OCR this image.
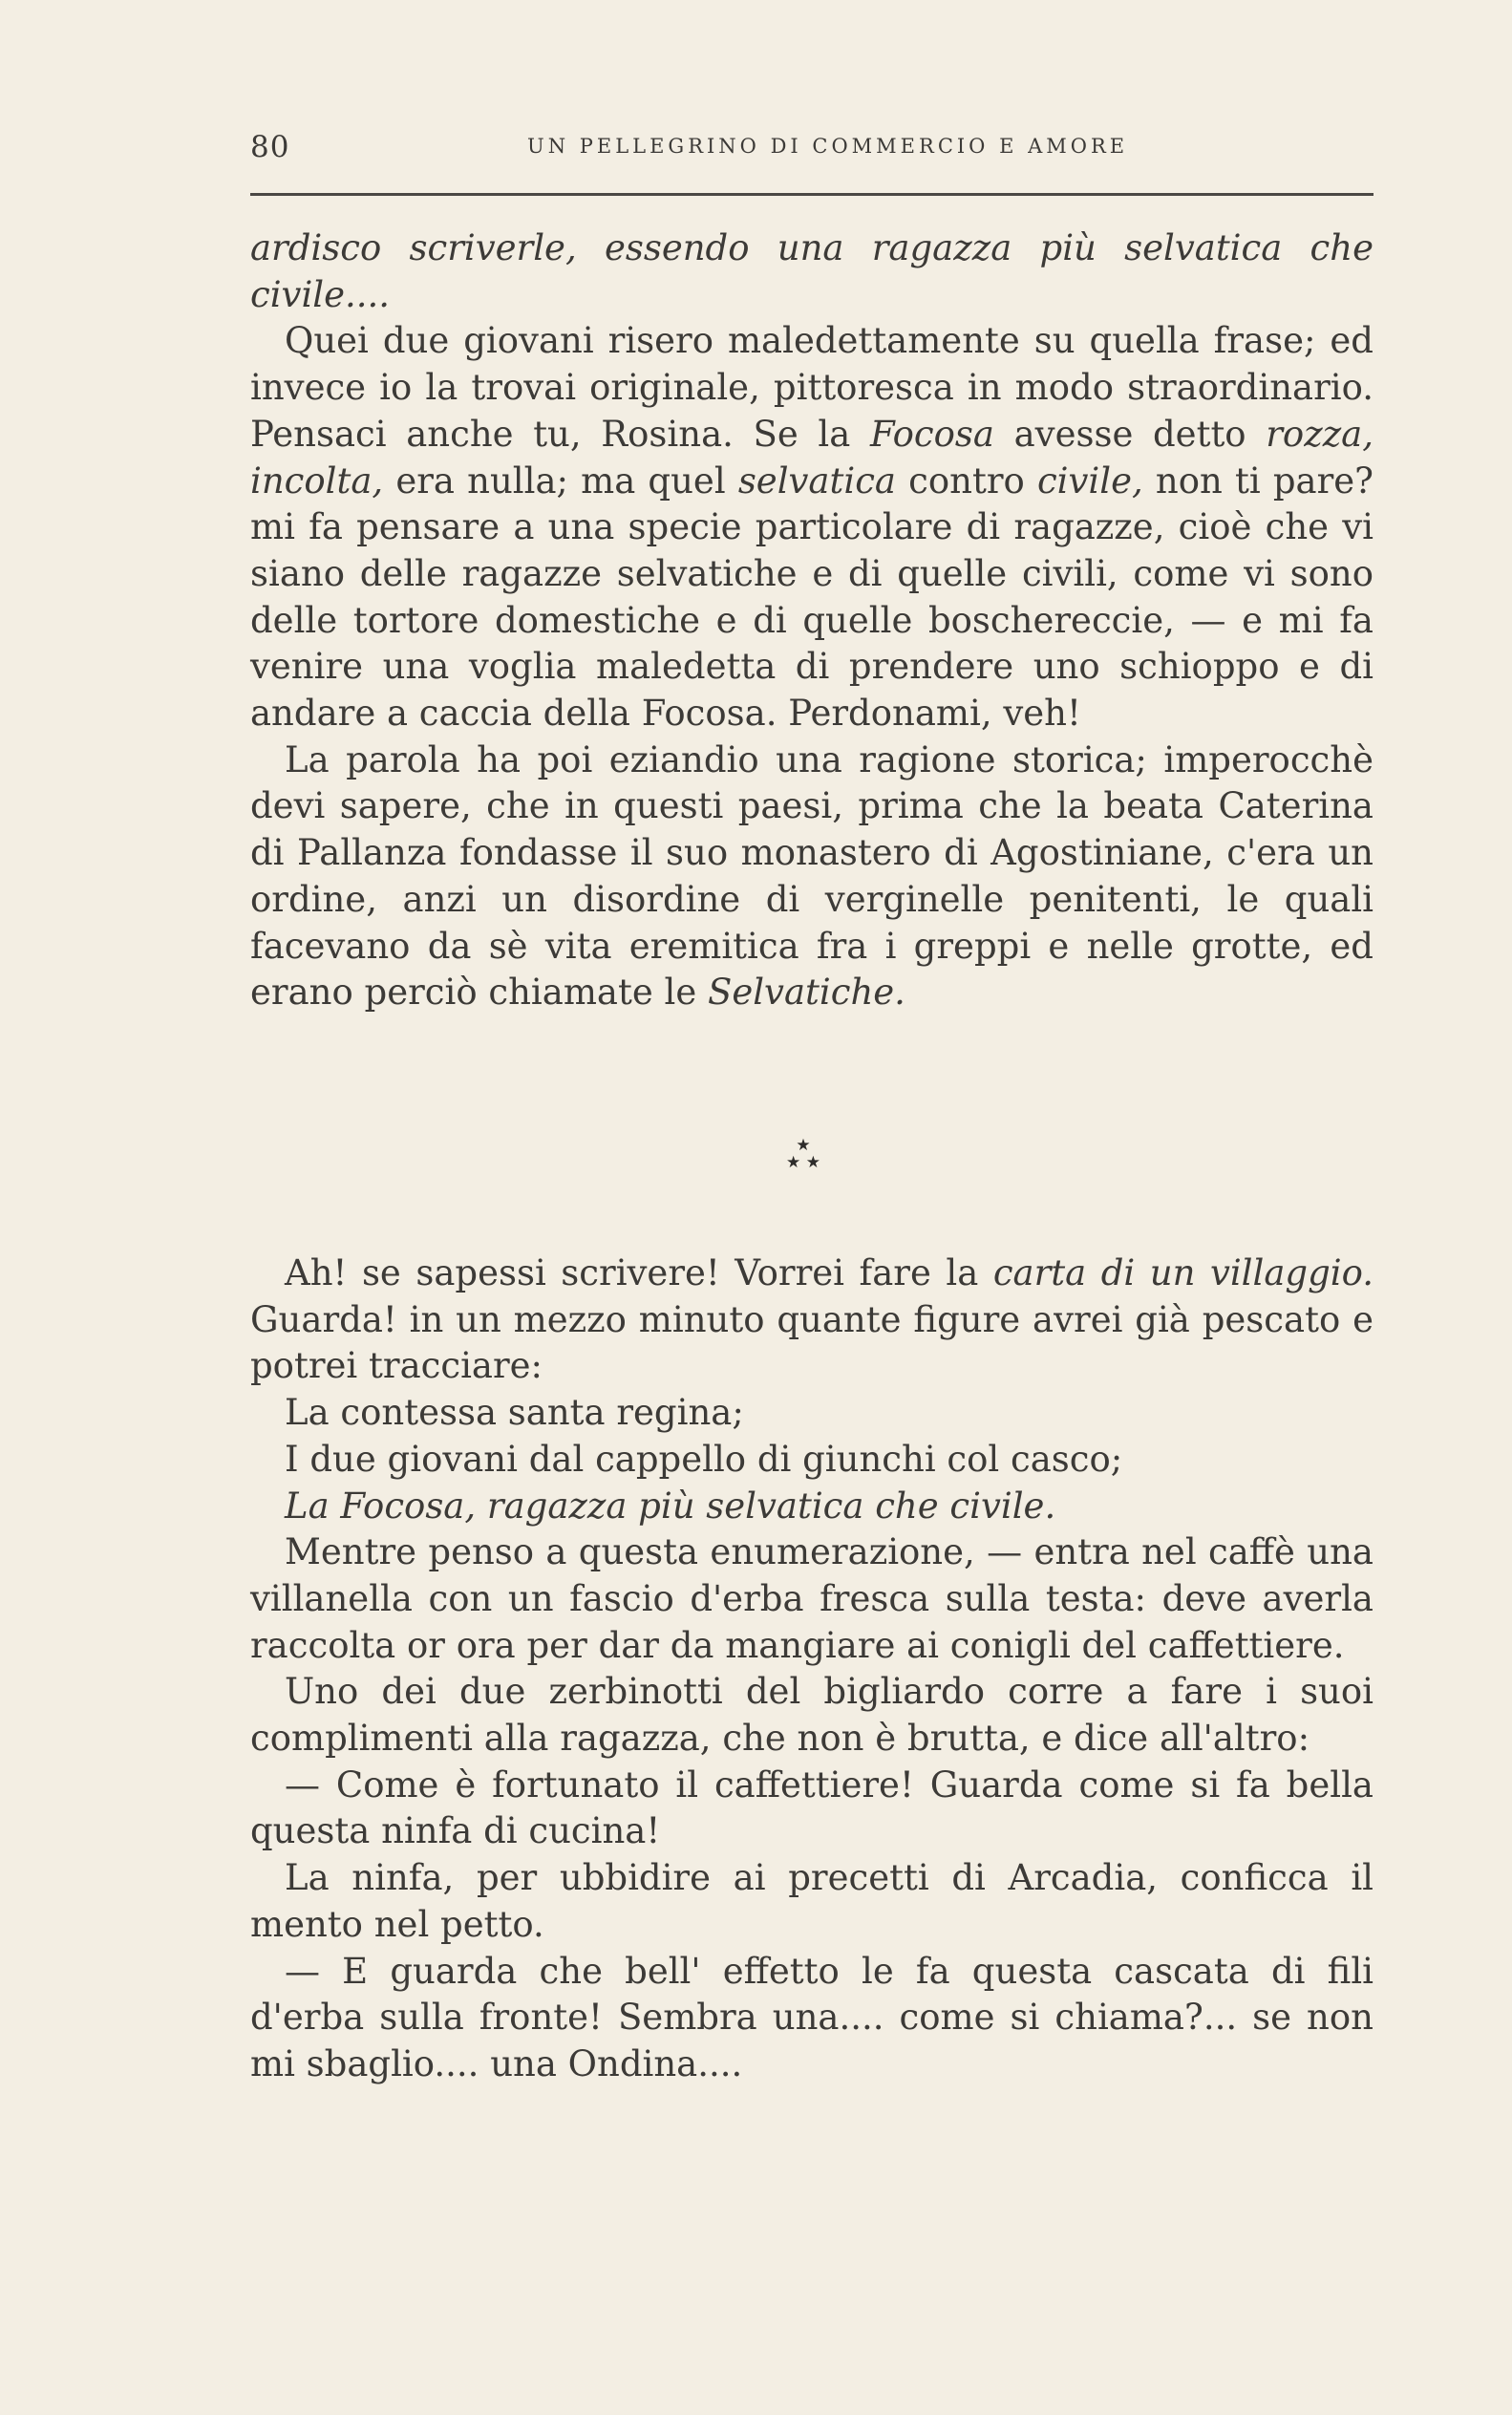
80	UN PELLEGRINO DI COMMERCIO E AMORE

ardisco scriverle, essendo una ragazza più selvatica che civile....

Quei due giovani risero maledettamente su quella frase; ed invece io la trovai originale, pittoresca in modo straordinario. Pensaci anche tu, Rosina. Se la Focosa avesse detto rozza, incolta, era nulla; ma quel selvatica contro civile, non ti pare? mi fa pensare a una specie particolare di ragazze, cioè che vi siano delle ragazze selvatiche e di quelle civili, come vi sono delle tortore domestiche e di quelle boschereccie, — e mi fa venire una voglia maledetta di prendere uno schioppo e di andare a caccia della Focosa. Perdonami, veh!

La parola ha poi eziandio una ragione storica; imperocchè devi sapere, che in questi paesi, prima che la beata Caterina di Pallanza fondasse il suo monastero di Agostiniane, c'era un ordine, anzi un disordine di verginelle penitenti, le quali facevano da sè vita eremitica fra i greppi e nelle grotte, ed erano perciò chiamate le Selvatiche.

★
★ ★

Ah! se sapessi scrivere! Vorrei fare la carta di un villaggio. Guarda! in un mezzo minuto quante figure avrei già pescato e potrei tracciare:

La contessa santa regina;

I due giovani dal cappello di giunchi col casco;

La Focosa, ragazza più selvatica che civile.

Mentre penso a questa enumerazione, — entra nel caffè una villanella con un fascio d'erba fresca sulla testa: deve averla raccolta or ora per dar da mangiare ai conigli del caffettiere.

Uno dei due zerbinotti del bigliardo corre a fare i suoi complimenti alla ragazza, che non è brutta, e dice all'altro:

— Come è fortunato il caffettiere! Guarda come si fa bella questa ninfa di cucina!

La ninfa, per ubbidire ai precetti di Arcadia, conficca il mento nel petto.

— E guarda che bell' effetto le fa questa cascata di fili d'erba sulla fronte! Sembra una.... come si chiama?... se non mi sbaglio.... una Ondina....
